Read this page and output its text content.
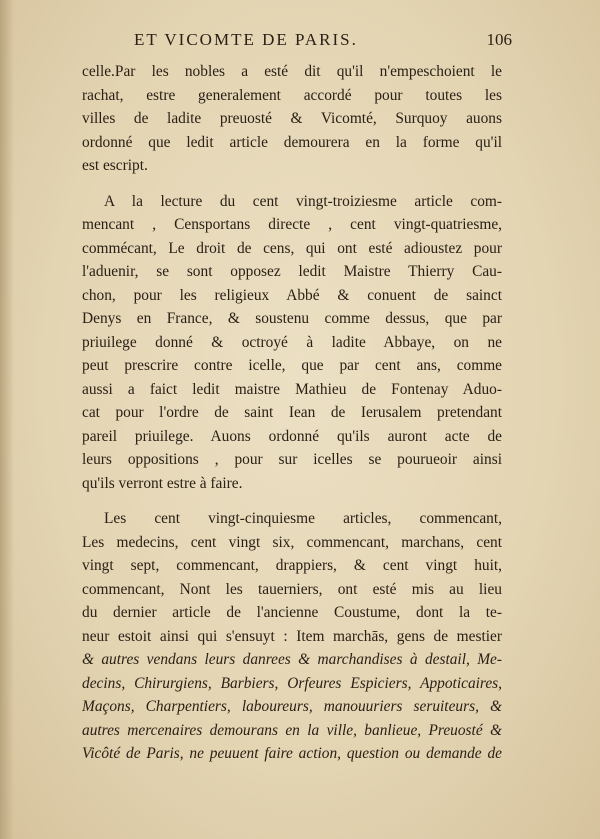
ET VICOMTE DE PARIS.	106
celle.Par les nobles a esté dit qu'il n'empeschoient le
rachat, estre generalement accordé pour toutes les
villes de ladite preuosté & Vicomté, Surquoy auons
ordonné que ledit article demourera en la forme qu'il
est escript.
A la lecture du cent vingt-troiziesme article com-
mencant , Censportans directe , cent vingt-quatriesme,
commécant, Le droit de cens, qui ont esté adioustez pour
l'aduenir, se sont opposez ledit Maistre Thierry Cau-
chon, pour les religieux Abbé & conuent de sainct
Denys en France, & soustenu comme dessus, que par
priuilege donné & octroyé à ladite Abbaye, on ne
peut prescrire contre icelle, que par cent ans, comme
aussi a faict ledit maistre Mathieu de Fontenay Aduo-
cat pour l'ordre de saint Iean de Ierusalem pretendant
pareil priuilege. Auons ordonné qu'ils auront acte de
leurs oppositions , pour sur icelles se pourueoir ainsi
qu'ils verront estre à faire.
Les cent vingt-cinquiesme articles, commencant,
Les medecins, cent vingt six, commencant, marchans, cent
vingt sept, commencant, drappiers, & cent vingt huit,
commencant, Nont les tauerniers, ont esté mis au lieu
du dernier article de l'ancienne Coustume, dont la te-
neur estoit ainsi qui s'ensuyt : Item marchās, gens de mestier
& autres vendans leurs danrees & marchandises à destail, Me-
decins, Chirurgiens, Barbiers, Orfeures Espiciers, Appoticaires,
Maçons, Charpentiers, laboureurs, manouuriers seruiteurs, &
autres mercenaires demourans en la ville, banlieue, Preuosté &
Vicôté de Paris, ne peuuent faire action, question ou demande de
